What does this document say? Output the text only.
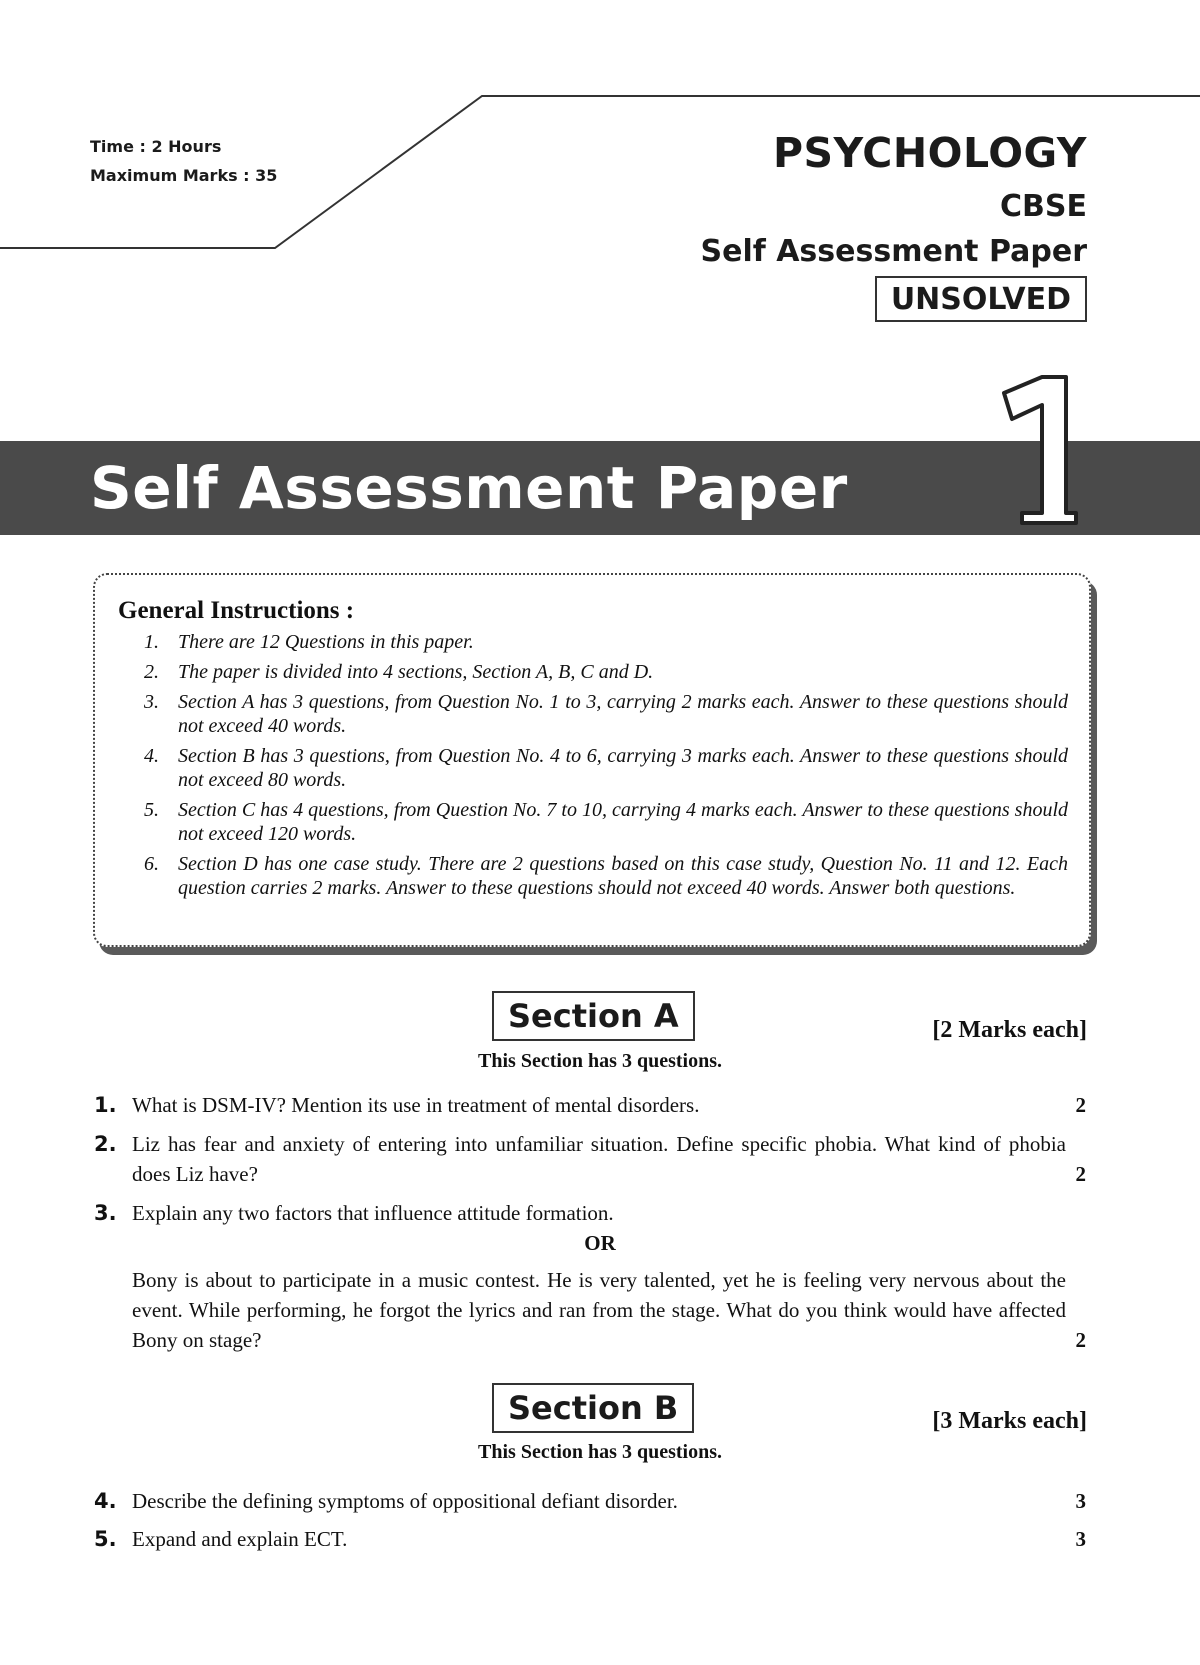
Time : 2 Hours
Maximum Marks : 35	PSYCHOLOGY
CBSE
Self Assessment Paper
UNSOLVED
Self Assessment Paper
General Instructions :
1. There are 12 Questions in this paper.
2. The paper is divided into 4 sections, Section A, B, C and D.
3. Section A has 3 questions, from Question No. 1 to 3, carrying 2 marks each. Answer to these questions should not exceed 40 words.
4. Section B has 3 questions, from Question No. 4 to 6, carrying 3 marks each. Answer to these questions should not exceed 80 words.
5. Section C has 4 questions, from Question No. 7 to 10, carrying 4 marks each. Answer to these questions should not exceed 120 words.
6. Section D has one case study. There are 2 questions based on this case study, Question No. 11 and 12. Each question carries 2 marks. Answer to these questions should not exceed 40 words. Answer both questions.
Section A	[2 Marks each]
This Section has 3 questions.
1. What is DSM-IV? Mention its use in treatment of mental disorders.	2
2. Liz has fear and anxiety of entering into unfamiliar situation. Define specific phobia. What kind of phobia does Liz have?	2
3. Explain any two factors that influence attitude formation.
OR
Bony is about to participate in a music contest. He is very talented, yet he is feeling very nervous about the event. While performing, he forgot the lyrics and ran from the stage. What do you think would have affected Bony on stage?	2
Section B	[3 Marks each]
This Section has 3 questions.
4. Describe the defining symptoms of oppositional defiant disorder.	3
5. Expand and explain ECT.	3
